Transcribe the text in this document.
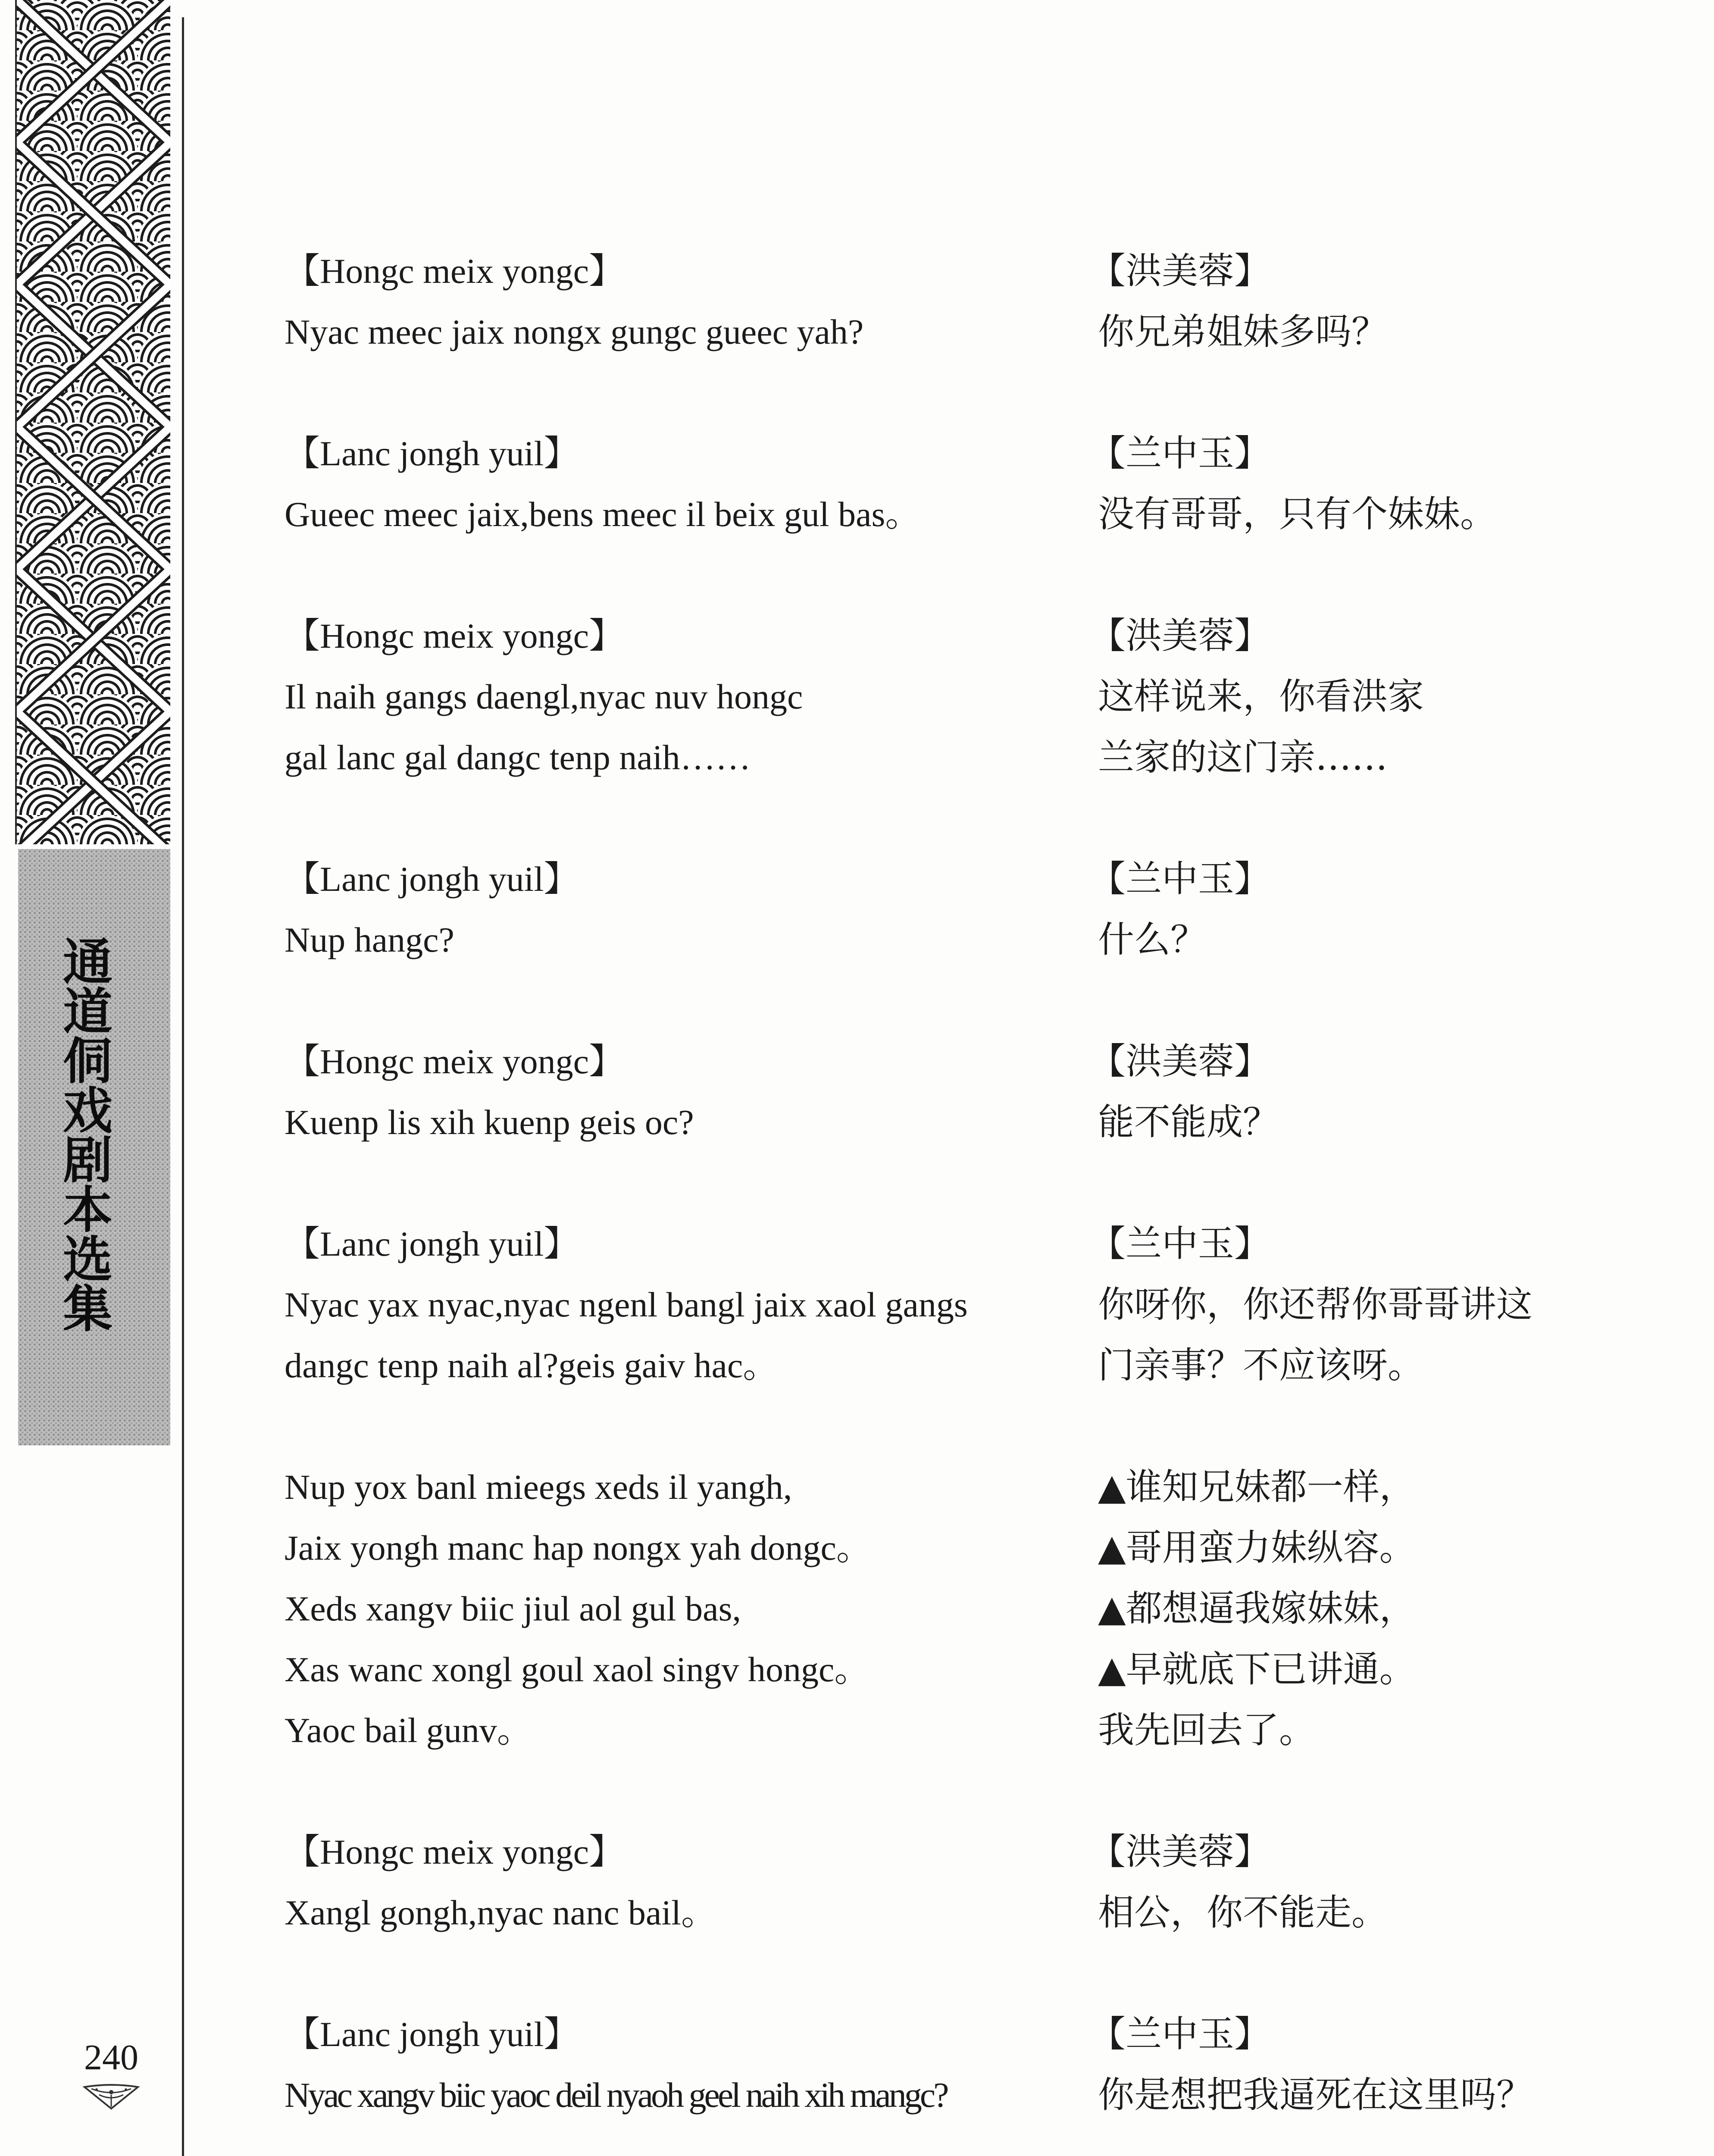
通道侗戏剧本选集
240
【Hongc meix yongc】	【洪美蓉】
Nyac meec jaix nongx gungc gueec yah?	你兄弟姐妹多吗？
【Lanc jongh yuil】	【兰中玉】
Gueec meec jaix,bens meec il beix gul bas。	没有哥哥，只有个妹妹。
【Hongc meix yongc】	【洪美蓉】
Il naih gangs daengl,nyac nuv hongc	这样说来，你看洪家
gal lanc gal dangc tenp naih……	兰家的这门亲……
【Lanc jongh yuil】	【兰中玉】
Nup hangc?	什么？
【Hongc meix yongc】	【洪美蓉】
Kuenp lis xih kuenp geis oc?	能不能成？
【Lanc jongh yuil】	【兰中玉】
Nyac yax nyac,nyac ngenl bangl jaix xaol gangs	你呀你，你还帮你哥哥讲这
dangc tenp naih al?geis gaiv hac。	门亲事？不应该呀。
Nup yox banl mieegs xeds il yangh,	▲谁知兄妹都一样，
Jaix yongh manc hap nongx yah dongc。	▲哥用蛮力妹纵容。
Xeds xangv biic jiul aol gul bas,	▲都想逼我嫁妹妹，
Xas wanc xongl goul xaol singv hongc。	▲早就底下已讲通。
Yaoc bail gunv。	我先回去了。
【Hongc meix yongc】	【洪美蓉】
Xangl gongh,nyac nanc bail。	相公，你不能走。
【Lanc jongh yuil】	【兰中玉】
Nyac xangv biic yaoc deil nyaoh geel naih xih mangc?	你是想把我逼死在这里吗？
